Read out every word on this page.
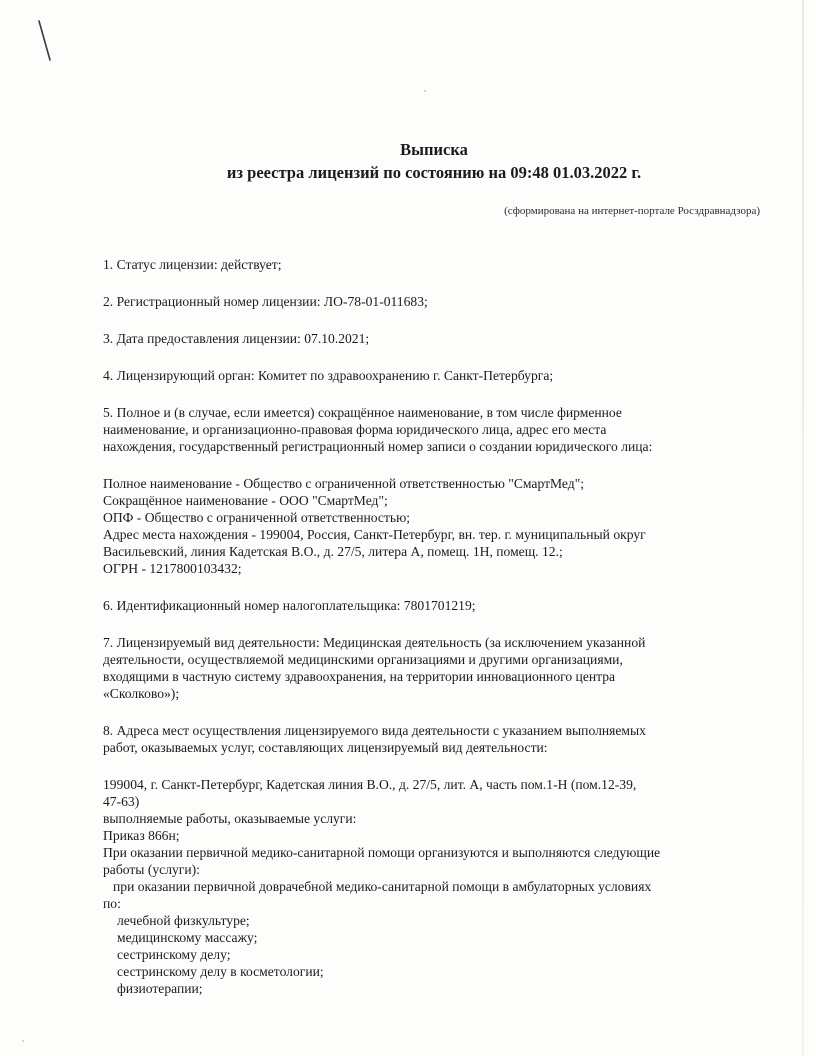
Выписка
из реестра лицензий по состоянию на 09:48 01.03.2022 г.
(сформирована на интернет-портале Росздравнадзора)

1. Статус лицензии: действует;

2. Регистрационный номер лицензии: ЛО-78-01-011683;

3. Дата предоставления лицензии: 07.10.2021;

4. Лицензирующий орган: Комитет по здравоохранению г. Санкт-Петербурга;

5. Полное и (в случае, если имеется) сокращённое наименование, в том числе фирменное
наименование, и организационно-правовая форма юридического лица, адрес его места
нахождения, государственный регистрационный номер записи о создании юридического лица:
Полное наименование - Общество с ограниченной ответственностью "СмартМед";
Сокращённое наименование - ООО "СмартМед";
ОПФ - Общество с ограниченной ответственностью;
Адрес места нахождения - 199004, Россия, Санкт-Петербург, вн. тер. г. муниципальный округ
Васильевский, линия Кадетская В.О., д. 27/5, литера А, помещ. 1Н, помещ. 12.;
ОГРН - 1217800103432;

6. Идентификационный номер налогоплательщика: 7801701219;

7. Лицензируемый вид деятельности: Медицинская деятельность (за исключением указанной
деятельности, осуществляемой медицинскими организациями и другими организациями,
входящими в частную систему здравоохранения, на территории инновационного центра
«Сколково»);
8. Адреса мест осуществления лицензируемого вида деятельности с указанием выполняемых
работ, оказываемых услуг, составляющих лицензируемый вид деятельности:
199004, г. Санкт-Петербург, Кадетская линия В.О., д. 27/5, лит. А, часть пом.1-Н (пом.12-39,
47-63)
выполняемые работы, оказываемые услуги:
Приказ 866н;
При оказании первичной медико-санитарной помощи организуются и выполняются следующие
работы (услуги):
при оказании первичной доврачебной медико-санитарной помощи в амбулаторных условиях
по:
лечебной физкультуре;
медицинскому массажу;
сестринскому делу;
сестринскому делу в косметологии;
физиотерапии;
